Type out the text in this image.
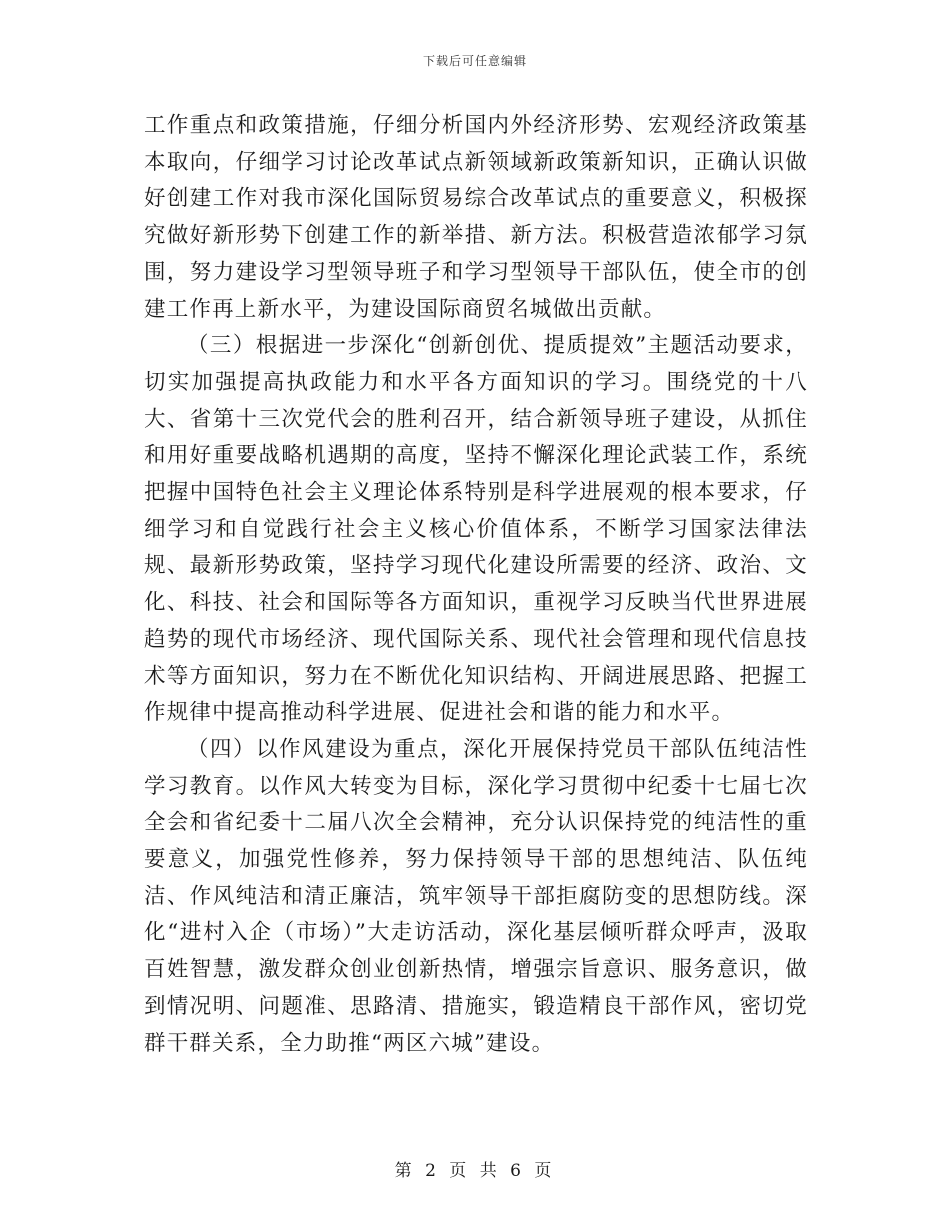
下载后可任意编辑

工作重点和政策措施，仔细分析国内外经济形势、宏观经济政策基本取向，仔细学习讨论改革试点新领域新政策新知识，正确认识做好创建工作对我市深化国际贸易综合改革试点的重要意义，积极探究做好新形势下创建工作的新举措、新方法。积极营造浓郁学习氛围，努力建设学习型领导班子和学习型领导干部队伍，使全市的创建工作再上新水平，为建设国际商贸名城做出贡献。

（三）根据进一步深化“创新创优、提质提效”主题活动要求，切实加强提高执政能力和水平各方面知识的学习。围绕党的十八大、省第十三次党代会的胜利召开，结合新领导班子建设，从抓住和用好重要战略机遇期的高度，坚持不懈深化理论武装工作，系统把握中国特色社会主义理论体系特别是科学进展观的根本要求，仔细学习和自觉践行社会主义核心价值体系，不断学习国家法律法规、最新形势政策，坚持学习现代化建设所需要的经济、政治、文化、科技、社会和国际等各方面知识，重视学习反映当代世界进展趋势的现代市场经济、现代国际关系、现代社会管理和现代信息技术等方面知识，努力在不断优化知识结构、开阔进展思路、把握工作规律中提高推动科学进展、促进社会和谐的能力和水平。

（四）以作风建设为重点，深化开展保持党员干部队伍纯洁性学习教育。以作风大转变为目标，深化学习贯彻中纪委十七届七次全会和省纪委十二届八次全会精神，充分认识保持党的纯洁性的重要意义，加强党性修养，努力保持领导干部的思想纯洁、队伍纯洁、作风纯洁和清正廉洁，筑牢领导干部拒腐防变的思想防线。深化“进村入企（市场）”大走访活动，深化基层倾听群众呼声，汲取百姓智慧，激发群众创业创新热情，增强宗旨意识、服务意识，做到情况明、问题准、思路清、措施实，锻造精良干部作风，密切党群干群关系，全力助推“两区六城”建设。

第 2 页 共 6 页
